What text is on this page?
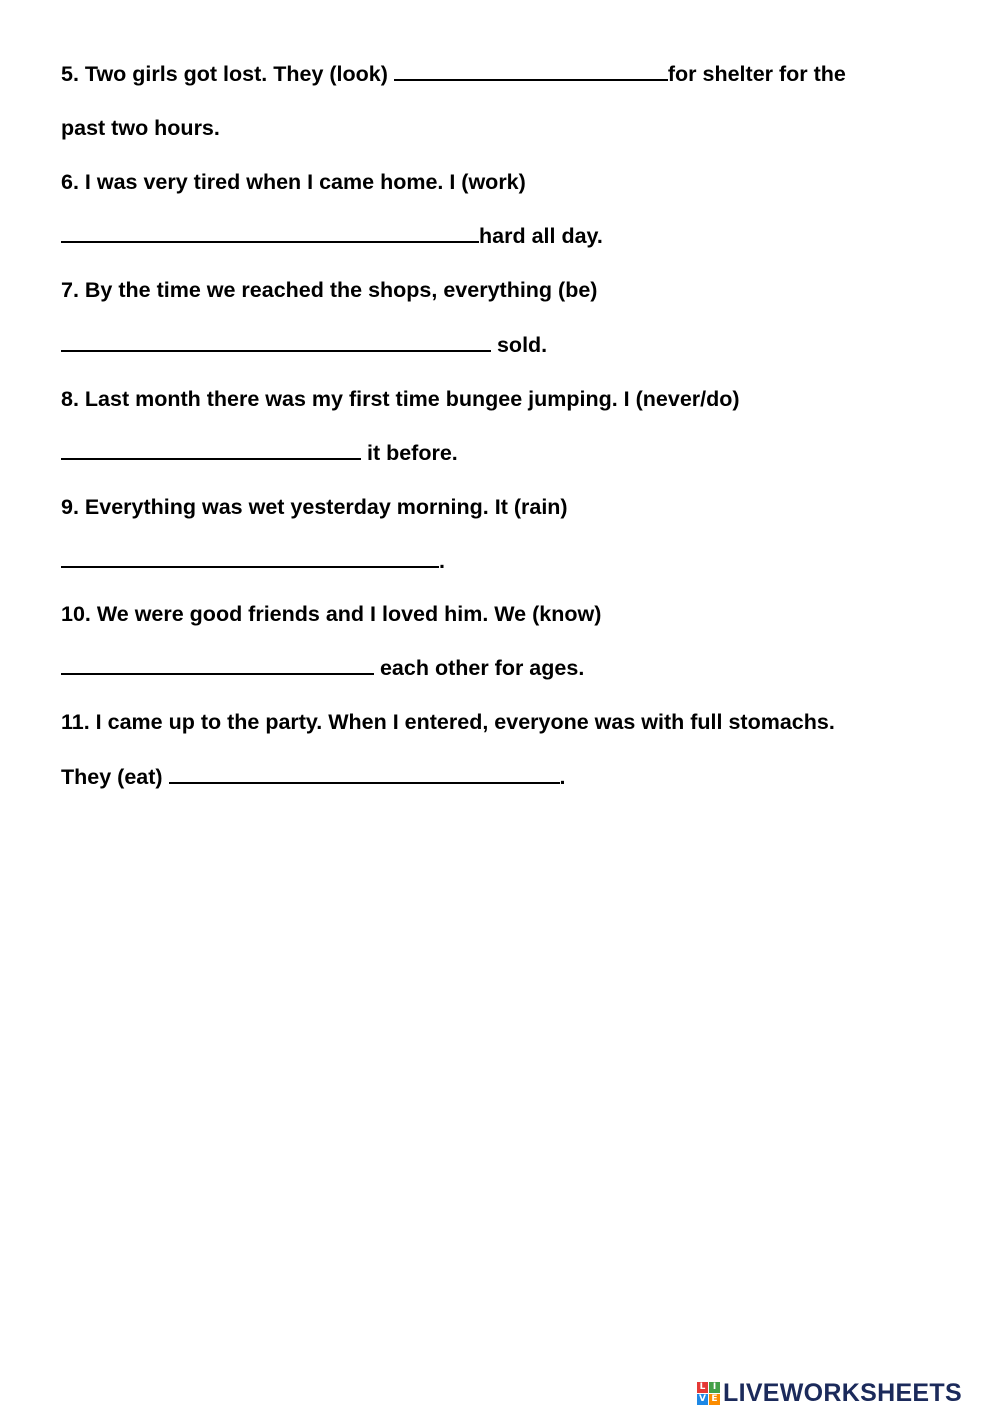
5. Two girls got lost. They (look)	for shelter for the
past two hours.
6. I was very tired when I came home. I (work)
hard all day.
7. By the time we reached the shops, everything (be)
sold.
8. Last month there was my first time bungee jumping. I (never/do)
it before.
9. Everything was wet yesterday morning. It (rain)
.
10. We were good friends and I loved him. We (know)
each other for ages.
11. I came up to the party. When I entered, everyone was with full stomachs.
They (eat)	.
L I
V E LIVEWORKSHEETS
